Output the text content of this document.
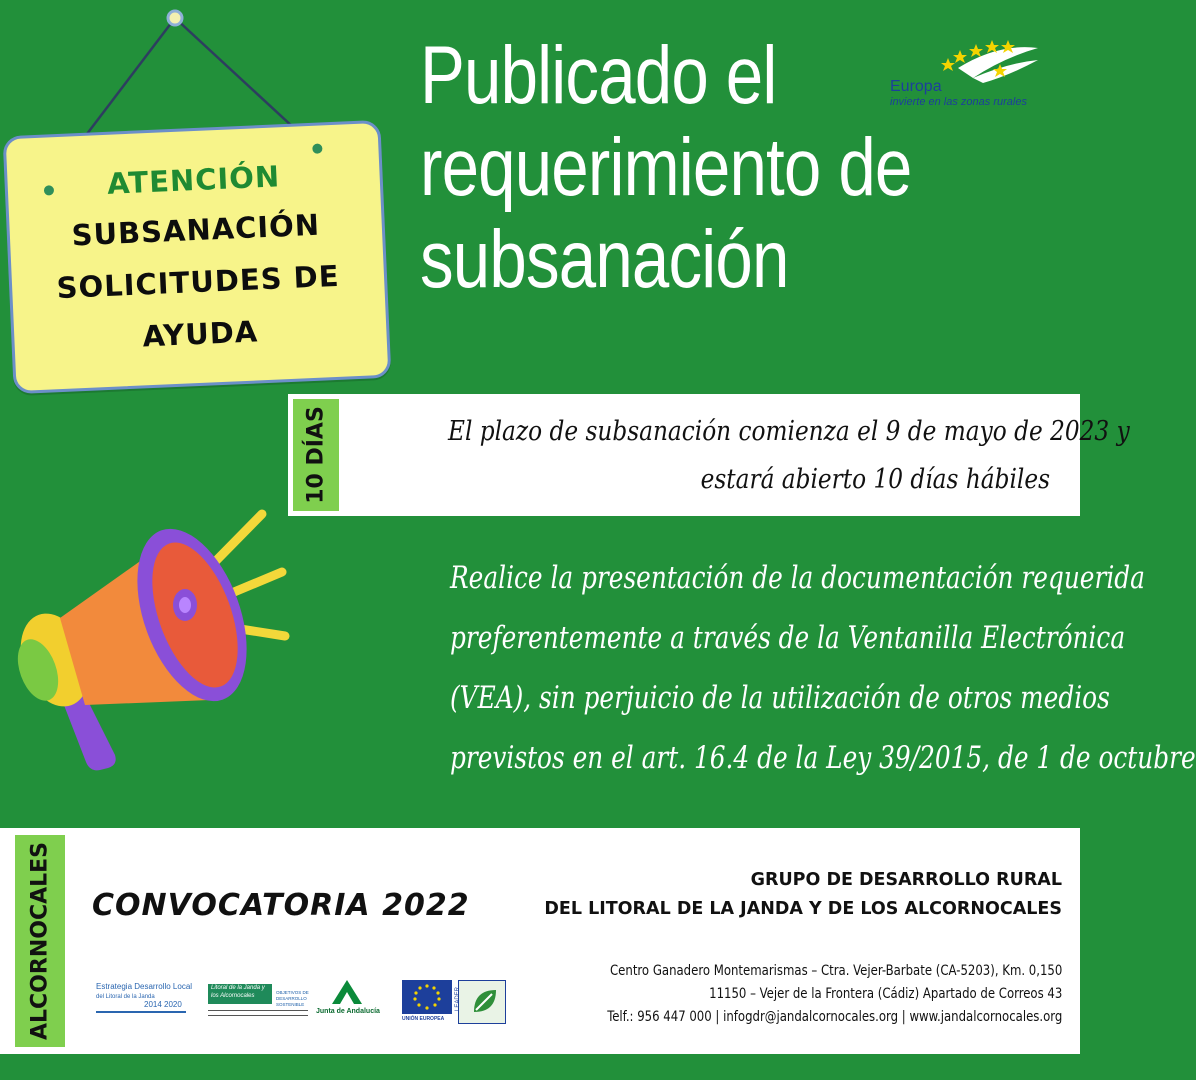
ATENCIÓN
SUBSANACIÓN
SOLICITUDES DE
AYUDA
Publicado el
requerimiento de
subsanación
Europa
invierte en las zonas rurales
10 DÍAS	El plazo de subsanación comienza el 9 de mayo de 2023 y
estará abierto 10 días hábiles
Realice la presentación de la documentación requerida
preferentemente a través de la Ventanilla Electrónica
(VEA), sin perjuicio de la utilización de otros medios
previstos en el art. 16.4 de la Ley 39/2015, de 1 de octubre
ALCORNOCALES CONVOCATORIA 2022
GRUPO DE DESARROLLO RURAL
DEL LITORAL DE LA JANDA Y DE LOS ALCORNOCALES
Centro Ganadero Montemarismas – Ctra. Vejer-Barbate (CA-5203), Km. 0,150
11150 – Vejer de la Frontera (Cádiz) Apartado de Correos 43
Telf.: 956 447 000 | infogdr@jandalcornocales.org | www.jandalcornocales.org
Estrategia Desarrollo Local
del Litoral de la Janda
2014 2020
Litoral de la Janda y
los Alcornocales
OBJETIVOS DE DESARROLLO SOSTENIBLE
Junta de Andalucía
UNIÓN EUROPEA
LEADER
